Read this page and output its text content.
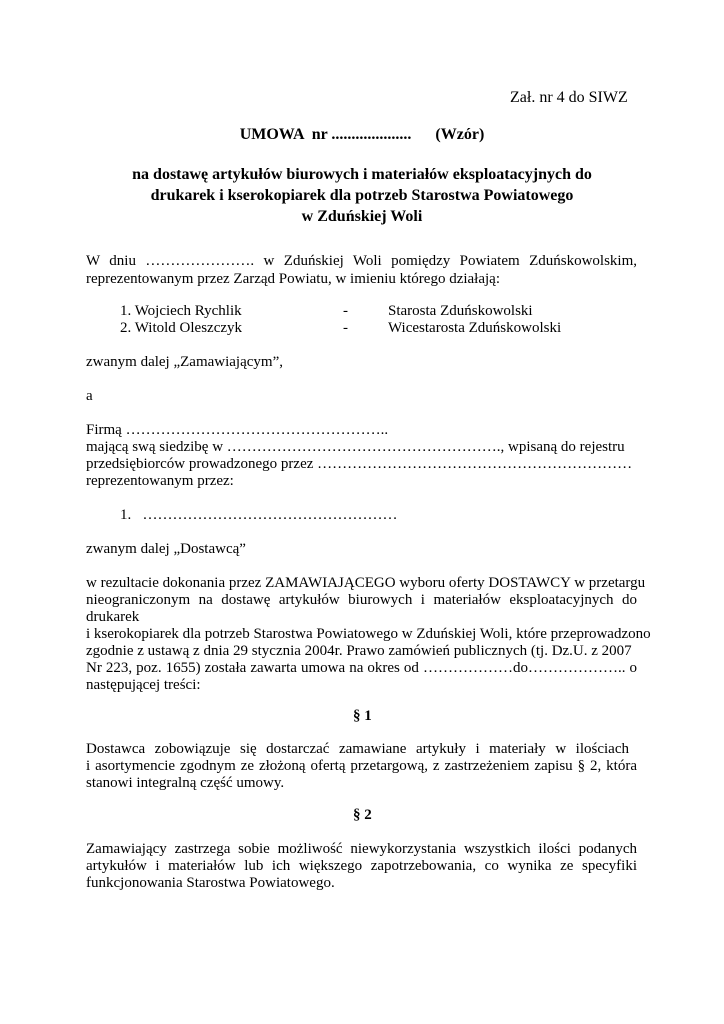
Zał. nr 4 do SIWZ
UMOWA  nr ....................      (Wzór)
na dostawę artykułów biurowych i materiałów eksploatacyjnych do
drukarek i kserokopiarek dla potrzeb Starostwa Powiatowego
w Zduńskiej Woli
W dniu …………………. w Zduńskiej Woli pomiędzy Powiatem Zduńskowolskim,
reprezentowanym przez Zarząd Powiatu, w imieniu którego działają:
1. Wojciech Rychlik	-	Starosta Zduńskowolski
2. Witold Oleszczyk	-	Wicestarosta Zduńskowolski
zwanym dalej „Zamawiającym”,
a
Firmą ……………………………………………..
mającą swą siedzibę w ………………………………………………., wpisaną do rejestru
przedsiębiorców prowadzonego przez ………………………………………………………
reprezentowanym przez:
1.   ……………………………………………
zwanym dalej „Dostawcą”
w rezultacie dokonania przez ZAMAWIAJĄCEGO wyboru oferty DOSTAWCY w przetargu
nieograniczonym na dostawę artykułów biurowych i materiałów eksploatacyjnych do
drukarek
i kserokopiarek dla potrzeb Starostwa Powiatowego w Zduńskiej Woli, które przeprowadzono
zgodnie z ustawą z dnia 29 stycznia 2004r. Prawo zamówień publicznych (tj. Dz.U. z 2007
Nr 223, poz. 1655) została zawarta umowa na okres od ………………do……………….. o
następującej treści:
§ 1
Dostawca zobowiązuje się dostarczać zamawiane artykuły i materiały w ilościach
i asortymencie zgodnym ze złożoną ofertą przetargową, z zastrzeżeniem zapisu § 2, która
stanowi integralną część umowy.
§ 2
Zamawiający zastrzega sobie możliwość niewykorzystania wszystkich ilości podanych
artykułów i materiałów lub ich większego zapotrzebowania, co wynika ze specyfiki
funkcjonowania Starostwa Powiatowego.
